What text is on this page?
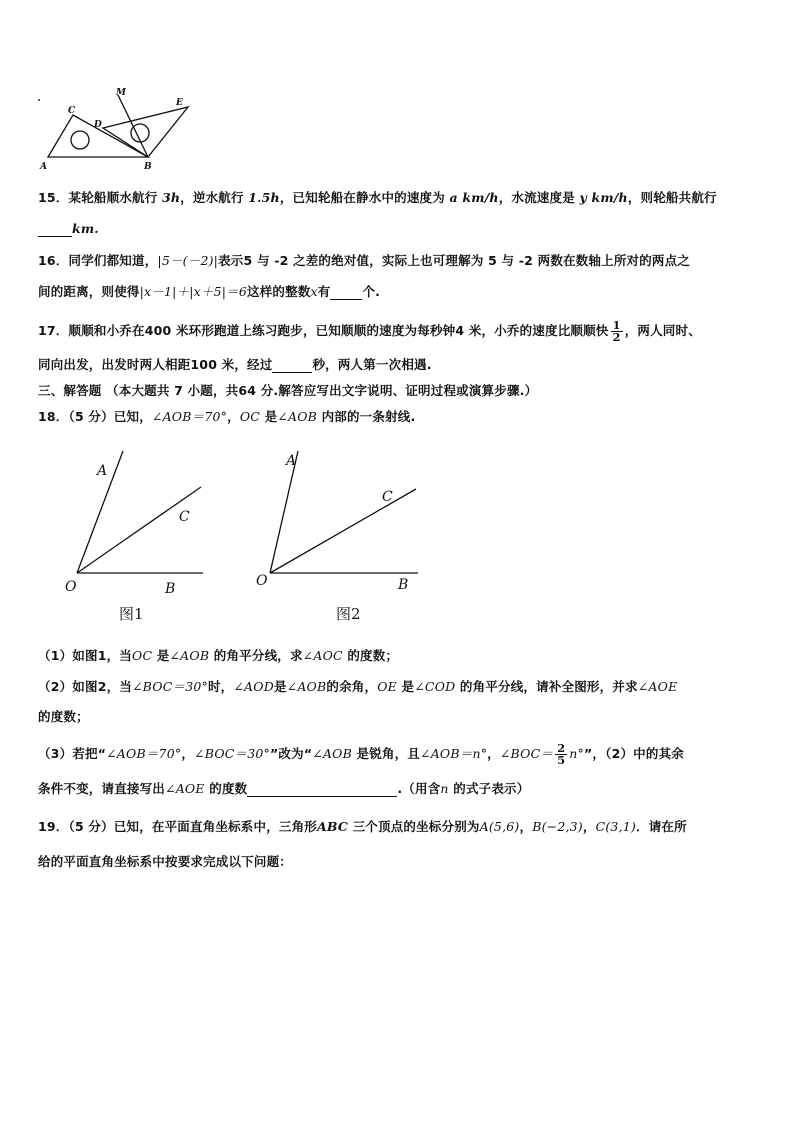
C
D
M
E
A	B
15．某轮船顺水航行 3h，逆水航行 1.5h，已知轮船在静水中的速度为 a km/h，水流速度是 y km/h，则轮船共航行
km.
16．同学们都知道，|5－(－2)|表示5 与 -2 之差的绝对值，实际上也可理解为 5 与 -2 两数在数轴上所对的两点之
间的距离，则使得|x－1|＋|x＋5|＝6这样的整数x有	个.
17．顺顺和小乔在400 米环形跑道上练习跑步，已知顺顺的速度为每秒钟4 米，小乔的速度比顺顺快 $\frac{1}{2}$ ，两人同时、
同向出发，出发时两人相距100 米，经过	秒，两人第一次相遇.
三、解答题 （本大题共 7 小题，共64 分.解答应写出文字说明、证明过程或演算步骤.）
18．（5 分）已知，∠AOB＝70°，OC 是∠AOB 内部的一条射线.
A
C
O	B
图1
A
C
O	B
图2
（1）如图1，当OC 是∠AOB 的角平分线，求∠AOC 的度数；
（2）如图2，当∠BOC＝30°时，∠AOD是∠AOB的余角，OE 是∠COD 的角平分线，请补全图形，并求∠AOE
的度数；
（3）若把“∠AOB＝70°，∠BOC＝30°”改为“∠AOB 是锐角，且∠AOB＝n°，∠BOC＝ $\frac{2}{5} n^\circ$”，（2）中的其余
条件不变，请直接写出∠AOE 的度数	.（用含n 的式子表示）
19．（5 分）已知，在平面直角坐标系中，三角形ABC 三个顶点的坐标分别为A(5,6)，B(−2,3)，C(3,1)．请在所
给的平面直角坐标系中按要求完成以下问题：
